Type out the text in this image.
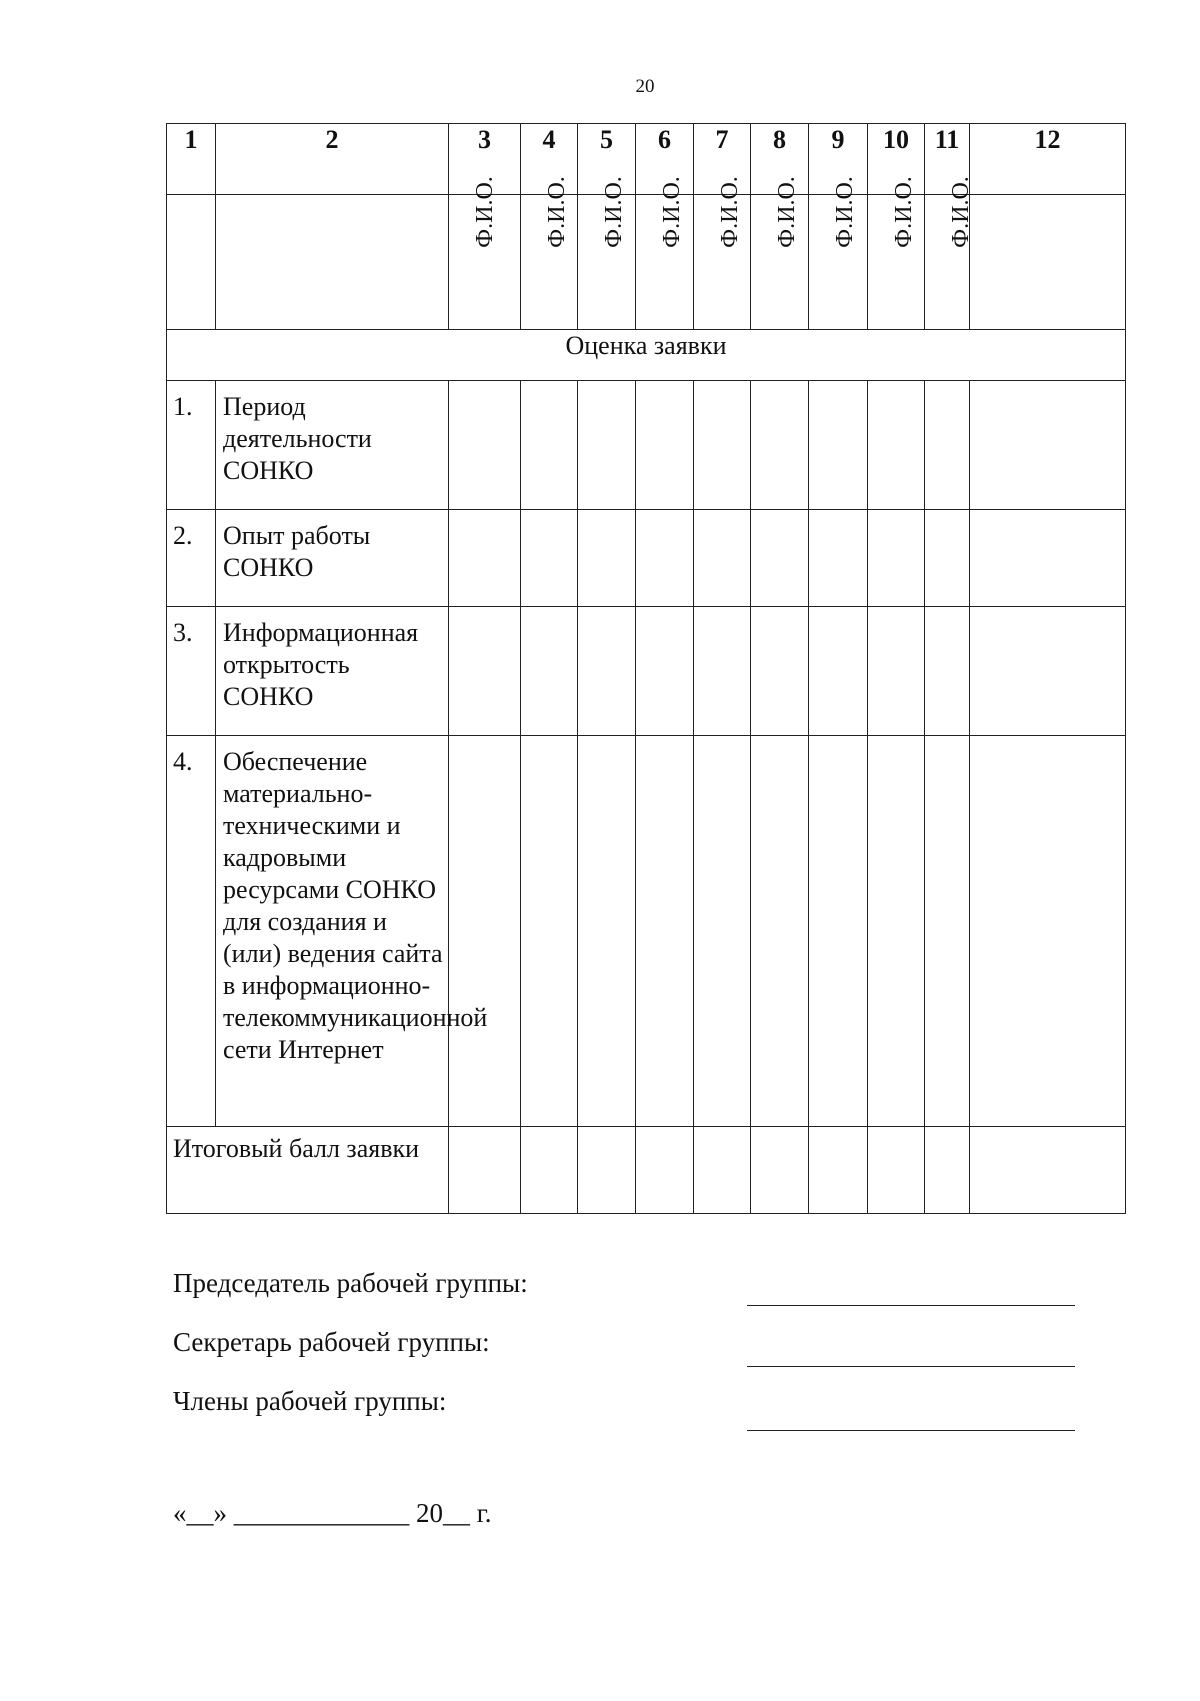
20
1	2	3	4	5	6	7	8	9	10	11	12
		Ф.И.О.	Ф.И.О.	Ф.И.О.	Ф.И.О.	Ф.И.О.	Ф.И.О.	Ф.И.О.	Ф.И.О.	Ф.И.О.	
Оценка заявки											
1.	Период деятельности СОНКО										
2.	Опыт работы СОНКО										
3.	Информационная открытость СОНКО										
4.	Обеспечение материально-техническими и кадровыми ресурсами СОНКО для создания и (или) ведения сайта в информационно-телекоммуникационной сети Интернет										
Итоговый балл заявки											
Председатель рабочей группы:
Секретарь рабочей группы:
Члены рабочей группы:
«__» _____________ 20__ г.
